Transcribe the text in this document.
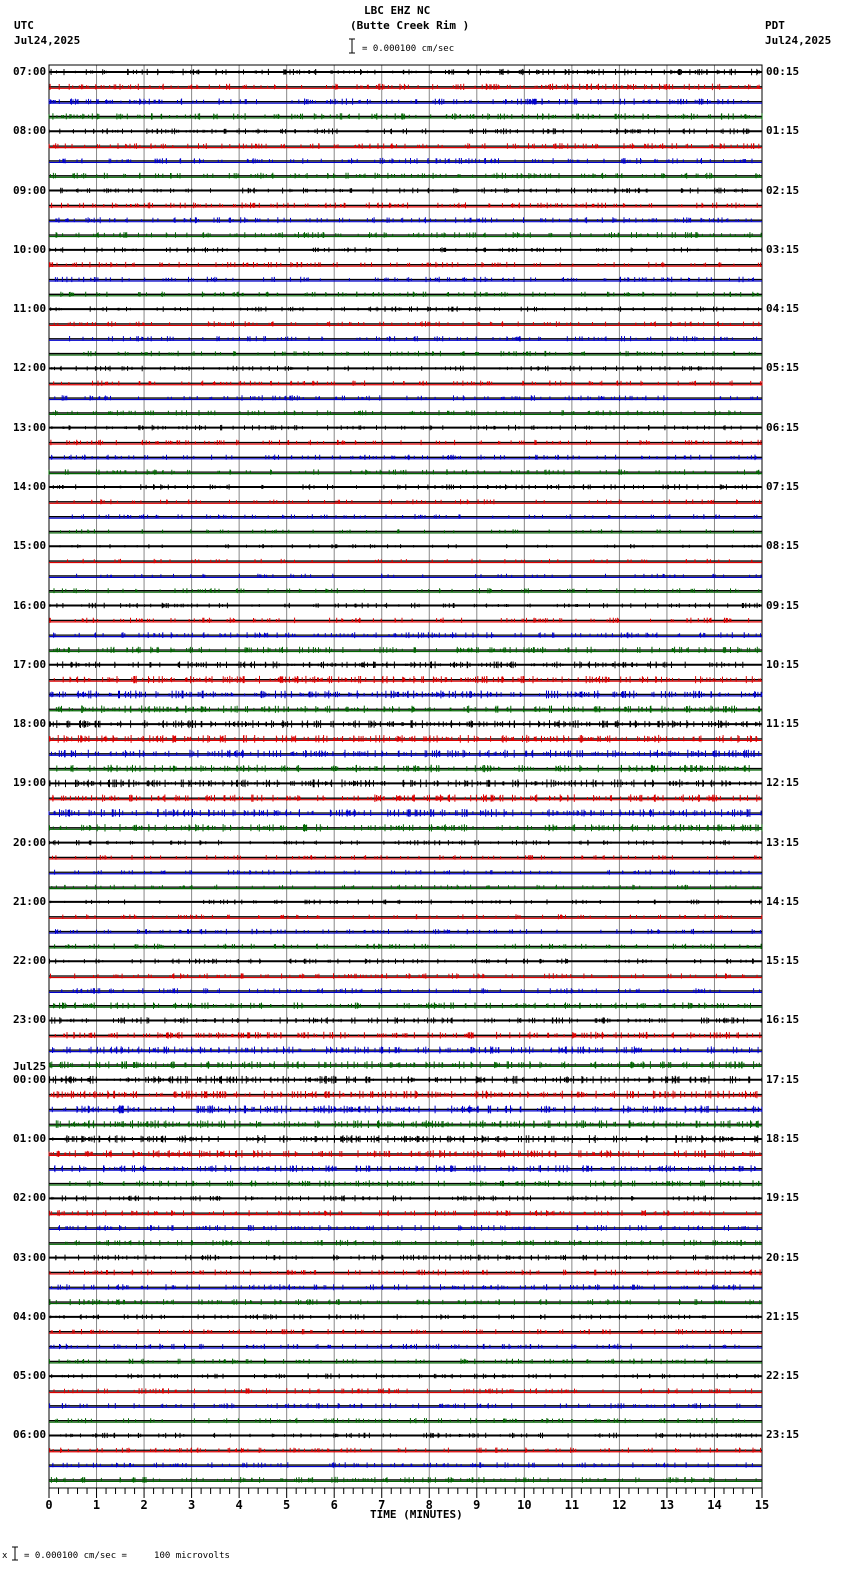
0	1	2	3	4	5	6	7	8	9	10	11	12	13	14	15
LBC EHZ NC
(Butte Creek Rim )
= 0.000100 cm/sec
UTC
Jul24,2025
PDT
Jul24,2025
TIME (MINUTES)
x = 0.000100 cm/sec =     100 microvolts
07:00
08:00
09:00
10:00
11:00
12:00
13:00
14:00
15:00
16:00
17:00
18:00
19:00
20:00
21:00
22:00
23:00
00:00
Jul25
01:00
02:00
03:00
04:00
05:00
06:00
00:15
01:15
02:15
03:15
04:15
05:15
06:15
07:15
08:15
09:15
10:15
11:15
12:15
13:15
14:15
15:15
16:15
17:15
18:15
19:15
20:15
21:15
22:15
23:15
